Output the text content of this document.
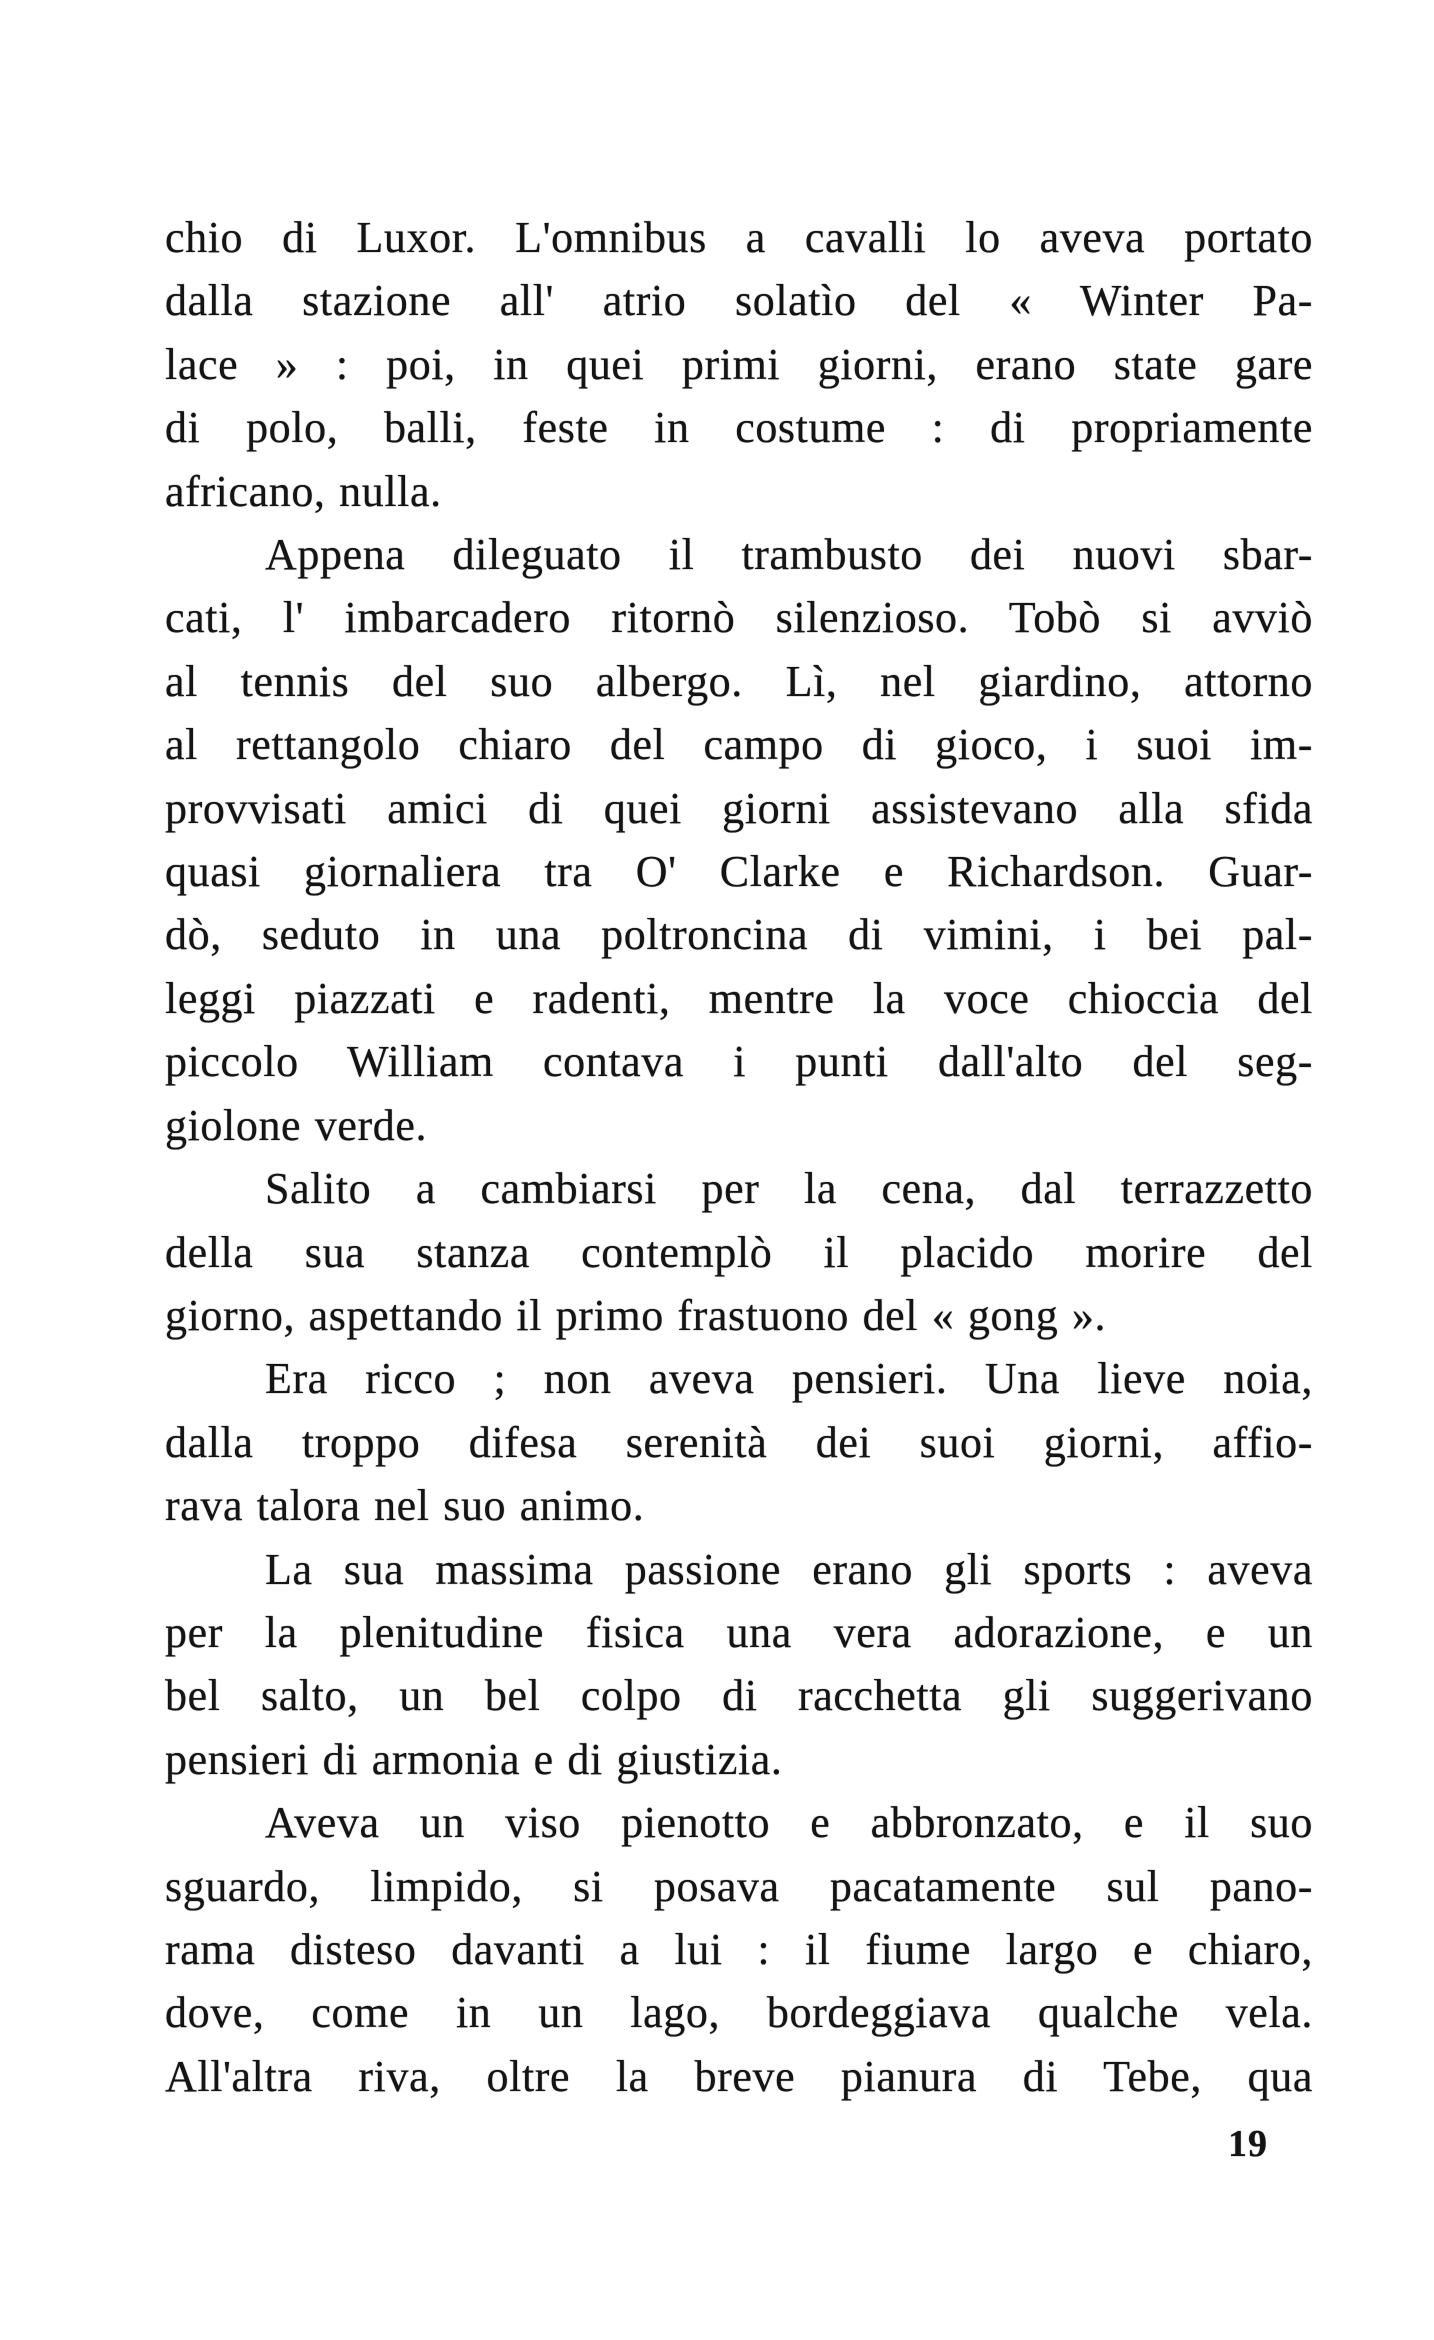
chio di Luxor. L'omnibus a cavalli lo aveva portato

dalla stazione all' atrio solatìo del « Winter Pa-

lace » : poi, in quei primi giorni, erano state gare

di polo, balli, feste in costume : di propriamente

africano, nulla.

Appena dileguato il trambusto dei nuovi sbar-

cati, l' imbarcadero ritornò silenzioso. Tobò si avviò

al tennis del suo albergo. Lì, nel giardino, attorno

al rettangolo chiaro del campo di gioco, i suoi im-

provvisati amici di quei giorni assistevano alla sfida

quasi giornaliera tra O' Clarke e Richardson. Guar-

dò, seduto in una poltroncina di vimini, i bei pal-

leggi piazzati e radenti, mentre la voce chioccia del

piccolo William contava i punti dall'alto del seg-

giolone verde.

Salito a cambiarsi per la cena, dal terrazzetto

della sua stanza contemplò il placido morire del

giorno, aspettando il primo frastuono del « gong ».

Era ricco ; non aveva pensieri. Una lieve noia,

dalla troppo difesa serenità dei suoi giorni, affio-

rava talora nel suo animo.

La sua massima passione erano gli sports : aveva

per la plenitudine fisica una vera adorazione, e un

bel salto, un bel colpo di racchetta gli suggerivano

pensieri di armonia e di giustizia.

Aveva un viso pienotto e abbronzato, e il suo

sguardo, limpido, si posava pacatamente sul pano-

rama disteso davanti a lui : il fiume largo e chiaro,

dove, come in un lago, bordeggiava qualche vela.

All'altra riva, oltre la breve pianura di Tebe, qua

19
